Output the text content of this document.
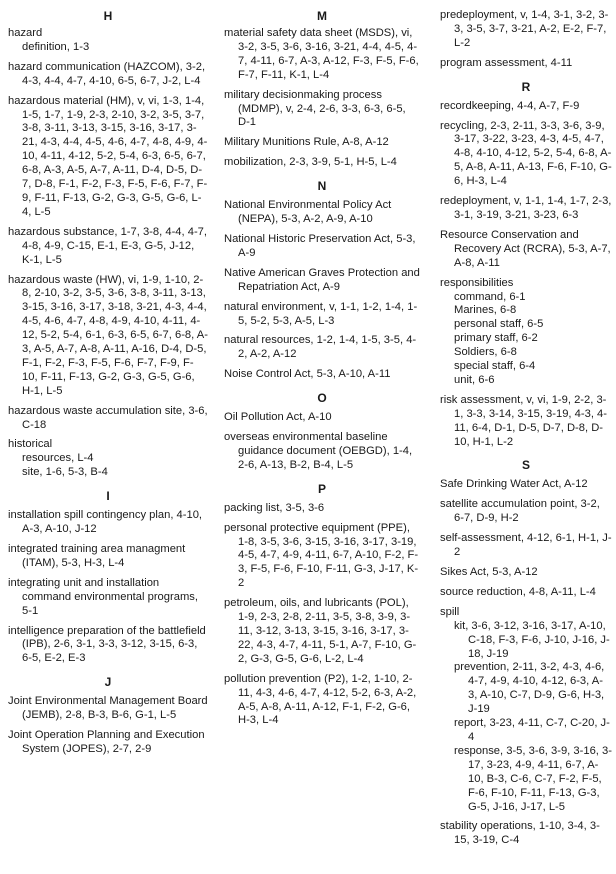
H
hazard
definition, 1-3
hazard communication (HAZCOM), 3-2, 4-3, 4-4, 4-7, 4-10, 6-5, 6-7, J-2, L-4
hazardous material (HM), v, vi, 1-3, 1-4, 1-5, 1-7, 1-9, 2-3, 2-10, 3-2, 3-5, 3-7, 3-8, 3-11, 3-13, 3-15, 3-16, 3-17, 3-21, 4-3, 4-4, 4-5, 4-6, 4-7, 4-8, 4-9, 4-10, 4-11, 4-12, 5-2, 5-4, 6-3, 6-5, 6-7, 6-8, A-3, A-5, A-7, A-11, D-4, D-5, D-7, D-8, F-1, F-2, F-3, F-5, F-6, F-7, F-9, F-11, F-13, G-2, G-3, G-5, G-6, L-4, L-5
hazardous substance, 1-7, 3-8, 4-4, 4-7, 4-8, 4-9, C-15, E-1, E-3, G-5, J-12, K-1, L-5
hazardous waste (HW), vi, 1-9, 1-10, 2-8, 2-10, 3-2, 3-5, 3-6, 3-8, 3-11, 3-13, 3-15, 3-16, 3-17, 3-18, 3-21, 4-3, 4-4, 4-5, 4-6, 4-7, 4-8, 4-9, 4-10, 4-11, 4-12, 5-2, 5-4, 6-1, 6-3, 6-5, 6-7, 6-8, A-3, A-5, A-7, A-8, A-11, A-16, D-4, D-5, F-1, F-2, F-3, F-5, F-6, F-7, F-9, F-10, F-11, F-13, G-2, G-3, G-5, G-6, H-1, L-5
hazardous waste accumulation site, 3-6, C-18
historical
resources, L-4
site, 1-6, 5-3, B-4
I
installation spill contingency plan, 4-10, A-3, A-10, J-12
integrated training area managment (ITAM), 5-3, H-3, L-4
integrating unit and installation command environmental programs, 5-1
intelligence preparation of the battlefield (IPB), 2-6, 3-1, 3-3, 3-12, 3-15, 6-3, 6-5, E-2, E-3
J
Joint Environmental Management Board (JEMB), 2-8, B-3, B-6, G-1, L-5
Joint Operation Planning and Execution System (JOPES), 2-7, 2-9
M
material safety data sheet (MSDS), vi, 3-2, 3-5, 3-6, 3-16, 3-21, 4-4, 4-5, 4-7, 4-11, 6-7, A-3, A-12, F-3, F-5, F-6, F-7, F-11, K-1, L-4
military decisionmaking process (MDMP), v, 2-4, 2-6, 3-3, 6-3, 6-5, D-1
Military Munitions Rule, A-8, A-12
mobilization, 2-3, 3-9, 5-1, H-5, L-4
N
National Environmental Policy Act (NEPA), 5-3, A-2, A-9, A-10
National Historic Preservation Act, 5-3, A-9
Native American Graves Protection and Repatriation Act, A-9
natural environment, v, 1-1, 1-2, 1-4, 1-5, 5-2, 5-3, A-5, L-3
natural resources, 1-2, 1-4, 1-5, 3-5, 4-2, A-2, A-12
Noise Control Act, 5-3, A-10, A-11
O
Oil Pollution Act, A-10
overseas environmental baseline guidance document (OEBGD), 1-4, 2-6, A-13, B-2, B-4, L-5
P
packing list, 3-5, 3-6
personal protective equipment (PPE), 1-8, 3-5, 3-6, 3-15, 3-16, 3-17, 3-19, 4-5, 4-7, 4-9, 4-11, 6-7, A-10, F-2, F-3, F-5, F-6, F-10, F-11, G-3, J-17, K-2
petroleum, oils, and lubricants (POL), 1-9, 2-3, 2-8, 2-11, 3-5, 3-8, 3-9, 3-11, 3-12, 3-13, 3-15, 3-16, 3-17, 3-22, 4-3, 4-7, 4-11, 5-1, A-7, F-10, G-2, G-3, G-5, G-6, L-2, L-4
pollution prevention (P2), 1-2, 1-10, 2-11, 4-3, 4-6, 4-7, 4-12, 5-2, 6-3, A-2, A-5, A-8, A-11, A-12, F-1, F-2, G-6, H-3, L-4
predeployment, v, 1-4, 3-1, 3-2, 3-3, 3-5, 3-7, 3-21, A-2, E-2, F-7, L-2
program assessment, 4-11
R
recordkeeping, 4-4, A-7, F-9
recycling, 2-3, 2-11, 3-3, 3-6, 3-9, 3-17, 3-22, 3-23, 4-3, 4-5, 4-7, 4-8, 4-10, 4-12, 5-2, 5-4, 6-8, A-5, A-8, A-11, A-13, F-6, F-10, G-6, H-3, L-4
redeployment, v, 1-1, 1-4, 1-7, 2-3, 3-1, 3-19, 3-21, 3-23, 6-3
Resource Conservation and Recovery Act (RCRA), 5-3, A-7, A-8, A-11
responsibilities
command, 6-1
Marines, 6-8
personal staff, 6-5
primary staff, 6-2
Soldiers, 6-8
special staff, 6-4
unit, 6-6
risk assessment, v, vi, 1-9, 2-2, 3-1, 3-3, 3-14, 3-15, 3-19, 4-3, 4-11, 6-4, D-1, D-5, D-7, D-8, D-10, H-1, L-2
S
Safe Drinking Water Act, A-12
satellite accumulation point, 3-2, 6-7, D-9, H-2
self-assessment, 4-12, 6-1, H-1, J-2
Sikes Act, 5-3, A-12
source reduction, 4-8, A-11, L-4
spill
kit, 3-6, 3-12, 3-16, 3-17, A-10, C-18, F-3, F-6, J-10, J-16, J-18, J-19
prevention, 2-11, 3-2, 4-3, 4-6, 4-7, 4-9, 4-10, 4-12, 6-3, A-3, A-10, C-7, D-9, G-6, H-3, J-19
report, 3-23, 4-11, C-7, C-20, J-4
response, 3-5, 3-6, 3-9, 3-16, 3-17, 3-23, 4-9, 4-11, 6-7, A-10, B-3, C-6, C-7, F-2, F-5, F-6, F-10, F-11, F-13, G-3, G-5, J-16, J-17, L-5
stability operations, 1-10, 3-4, 3-15, 3-19, C-4
